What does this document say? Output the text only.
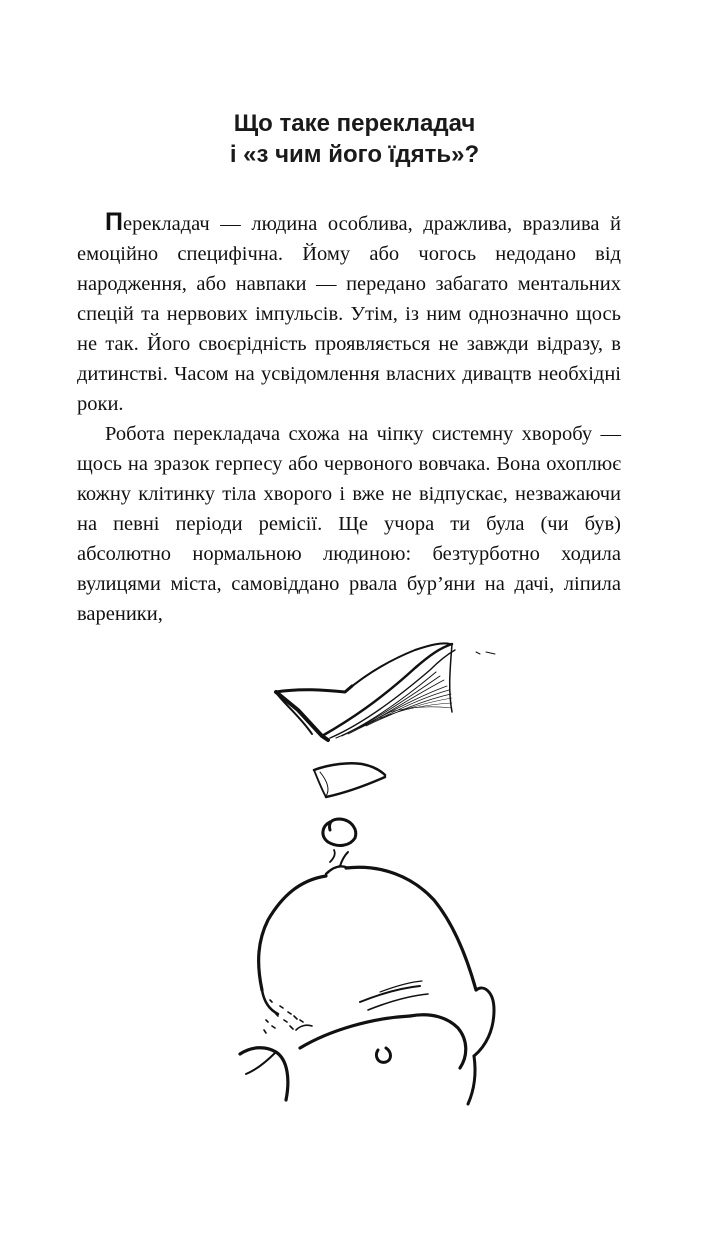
Що таке перекладач
і «з чим його їдять»?

Перекладач — людина особлива, дражлива, вразлива й емоційно специфічна. Йому або чогось недодано від народження, або навпаки — передано забагато ментальних спецій та нервових імпульсів. Утім, із ним однозначно щось не так. Його своєрідність проявляється не завжди відразу, в дитинстві. Часом на усвідомлення власних дивацтв необхідні роки.

Робота перекладача схожа на чіпку системну хворобу — щось на зразок герпесу або червоного вовчака. Вона охоплює кожну клітинку тіла хворого і вже не відпускає, незважаючи на певні періоди ремісії. Ще учора ти була (чи був) абсолютно нормальною людиною: безтурботно ходила вулицями міста, самовіддано рвала бур’яни на дачі, ліпила вареники,
